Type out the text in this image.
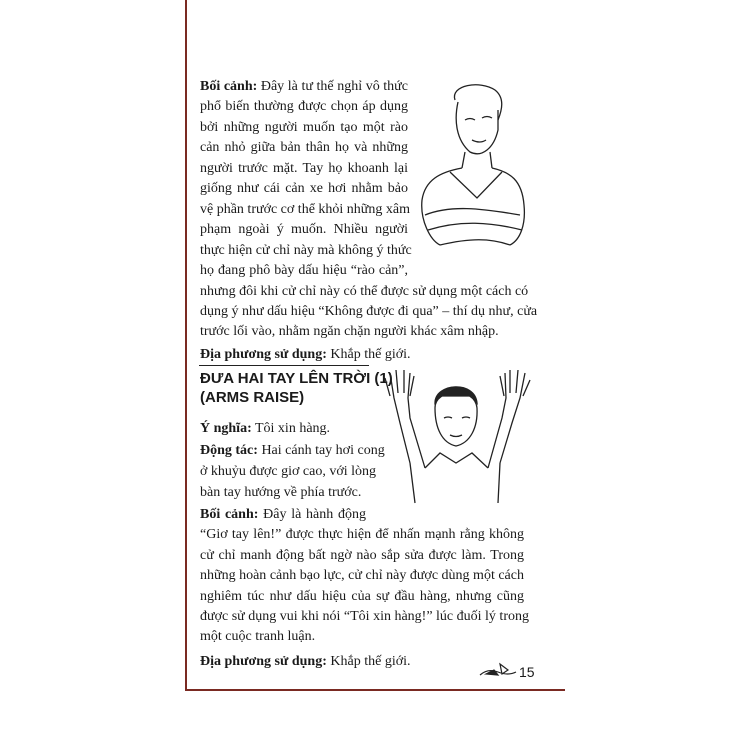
Bối cảnh: Đây là tư thế nghỉ vô thức
phổ biến thường được chọn áp dụng
bởi những người muốn tạo một rào
cản nhỏ giữa bản thân họ và những
người trước mặt. Tay họ khoanh lại
giống như cái cản xe hơi nhằm bảo
vệ phần trước cơ thể khỏi những xâm
phạm ngoài ý muốn. Nhiều người
thực hiện cử chỉ này mà không ý thức
họ đang phô bày dấu hiệu “rào cản”,
nhưng đôi khi cử chỉ này có thể được sử dụng một cách có
dụng ý như dấu hiệu “Không được đi qua” – thí dụ như, cửa
trước lối vào, nhằm ngăn chặn người khác xâm nhập.
Địa phương sử dụng: Khắp thế giới.
ĐƯA HAI TAY LÊN TRỜI (1)
(ARMS RAISE)
Ý nghĩa: Tôi xin hàng.
Động tác: Hai cánh tay hơi cong
ở khuỷu được giơ cao, với lòng
bàn tay hướng về phía trước.
Bối cảnh: Đây là hành động
“Giơ tay lên!” được thực hiện để nhấn mạnh rằng không
cử chỉ manh động bất ngờ nào sắp sửa được làm. Trong
những hoàn cảnh bạo lực, cử chỉ này được dùng một cách
nghiêm túc như dấu hiệu của sự đầu hàng, nhưng cũng
được sử dụng vui khi nói “Tôi xin hàng!” lúc đuối lý trong
một cuộc tranh luận.
Địa phương sử dụng: Khắp thế giới.
15
